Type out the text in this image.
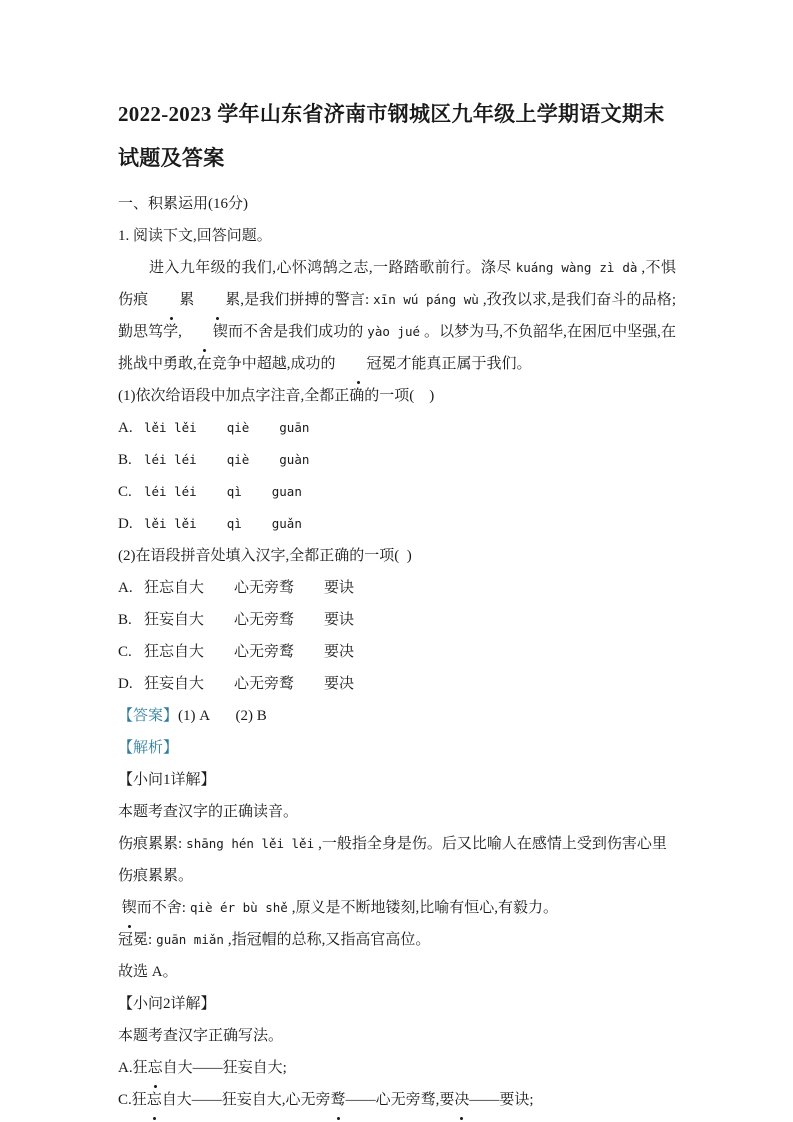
2022-2023 学年山东省济南市钢城区九年级上学期语文期末试题及答案
一、积累运用(16分)
1. 阅读下文,回答问题。
进入九年级的我们,心怀鸿鹄之志,一路踏歌前行。涤尽 kuáng wàng zì dà ,不惧伤痕 累 累,是我们拼搏的警言: xīn wú páng wù ,孜孜以求,是我们奋斗的品格;勤思笃学, 锲而不舍是我们成功的 yào jué 。以梦为马,不负韶华,在困厄中坚强,在挑战中勇敢,在竞争中超越,成功的 冠冕才能真正属于我们。
(1)依次给语段中加点字注音,全都正确的一项(    )
A. lěi lěi qiè guānB. léi léi qiè guàn
C. léi léi qì guanD. lěi lěi qì guǎn
(2)在语段拼音处填入汉字,全都正确的一项(  )
A. 狂忘自大 心无旁骛 要诀
B. 狂妄自大 心无旁骛 要诀
C. 狂忘自大 心无旁鹜 要决
D. 狂妄自大 心无旁鹜 要决
【答案】(1) A       (2) B
【解析】
【小问1详解】
本题考查汉字的正确读音。
伤痕累累: shāng hén lěi lěi ,一般指全身是伤。后又比喻人在感情上受到伤害心里伤痕累累。
锲而不舍: qiè ér bù shě ,原义是不断地镂刻,比喻有恒心,有毅力。
冠冕: guān miǎn ,指冠帽的总称,又指高官高位。
故选 A。
【小问2详解】
本题考查汉字正确写法。
A.狂忘自大——狂妄自大;
C.狂忘自大——狂妄自大,心无旁鹜——心无旁骛,要决——要诀;
